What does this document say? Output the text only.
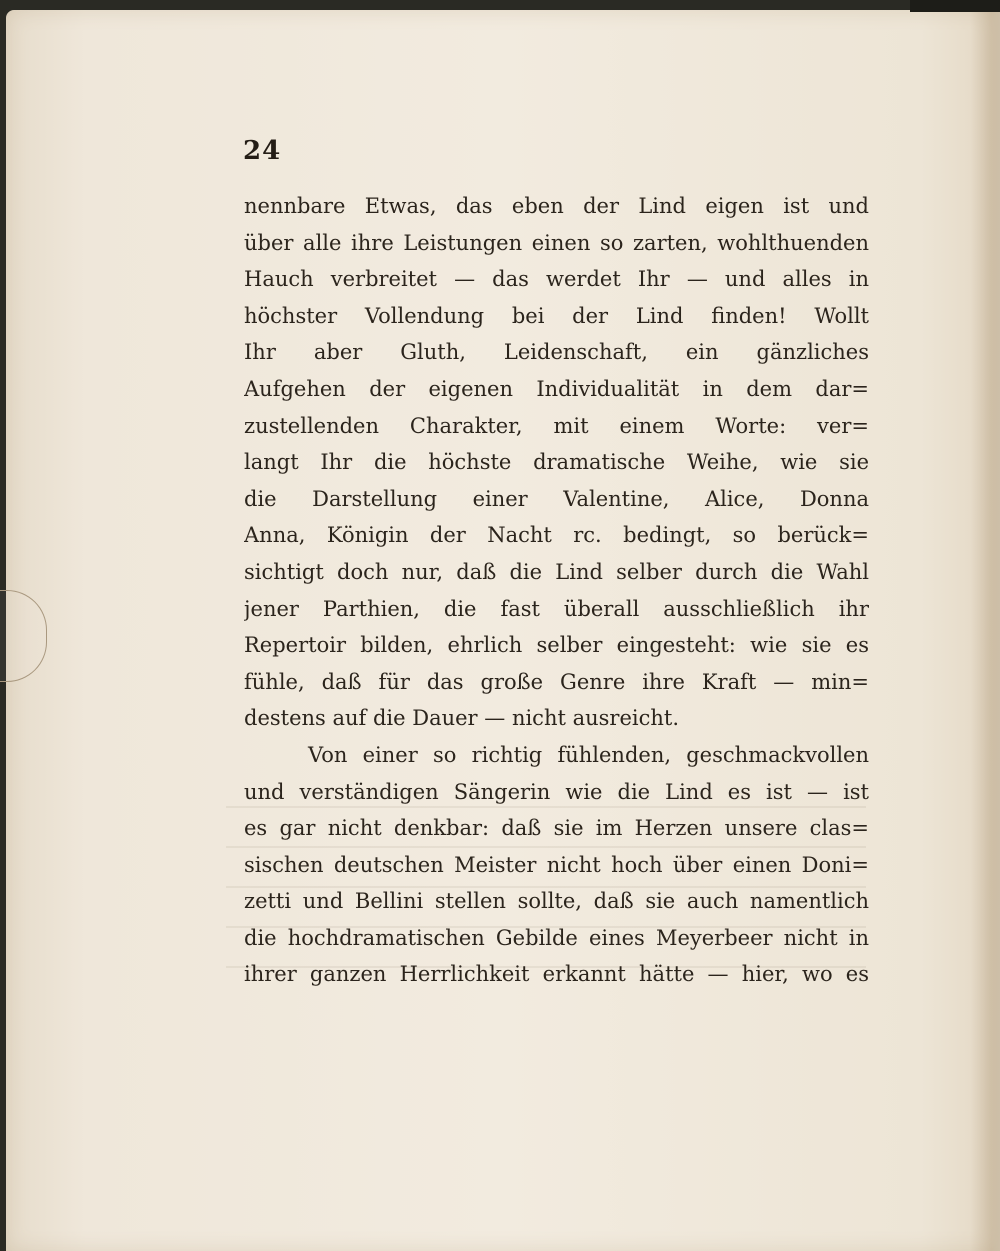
24
nennbare Etwas, das eben der Lind eigen ist und
über alle ihre Leistungen einen so zarten, wohlthuenden
Hauch verbreitet — das werdet Ihr — und alles in
höchster Vollendung bei der Lind finden! Wollt
Ihr aber Gluth, Leidenschaft, ein gänzliches
Aufgehen der eigenen Individualität in dem dar=
zustellenden Charakter, mit einem Worte: ver=
langt Ihr die höchste dramatische Weihe, wie sie
die Darstellung einer Valentine, Alice, Donna
Anna, Königin der Nacht rc. bedingt, so berück=
sichtigt doch nur, daß die Lind selber durch die Wahl
jener Parthien, die fast überall ausschließlich ihr
Repertoir bilden, ehrlich selber eingesteht: wie sie es
fühle, daß für das große Genre ihre Kraft — min=
destens auf die Dauer — nicht ausreicht.
Von einer so richtig fühlenden, geschmackvollen
und verständigen Sängerin wie die Lind es ist — ist
es gar nicht denkbar: daß sie im Herzen unsere clas=
sischen deutschen Meister nicht hoch über einen Doni=
zetti und Bellini stellen sollte, daß sie auch namentlich
die hochdramatischen Gebilde eines Meyerbeer nicht in
ihrer ganzen Herrlichkeit erkannt hätte — hier, wo es
